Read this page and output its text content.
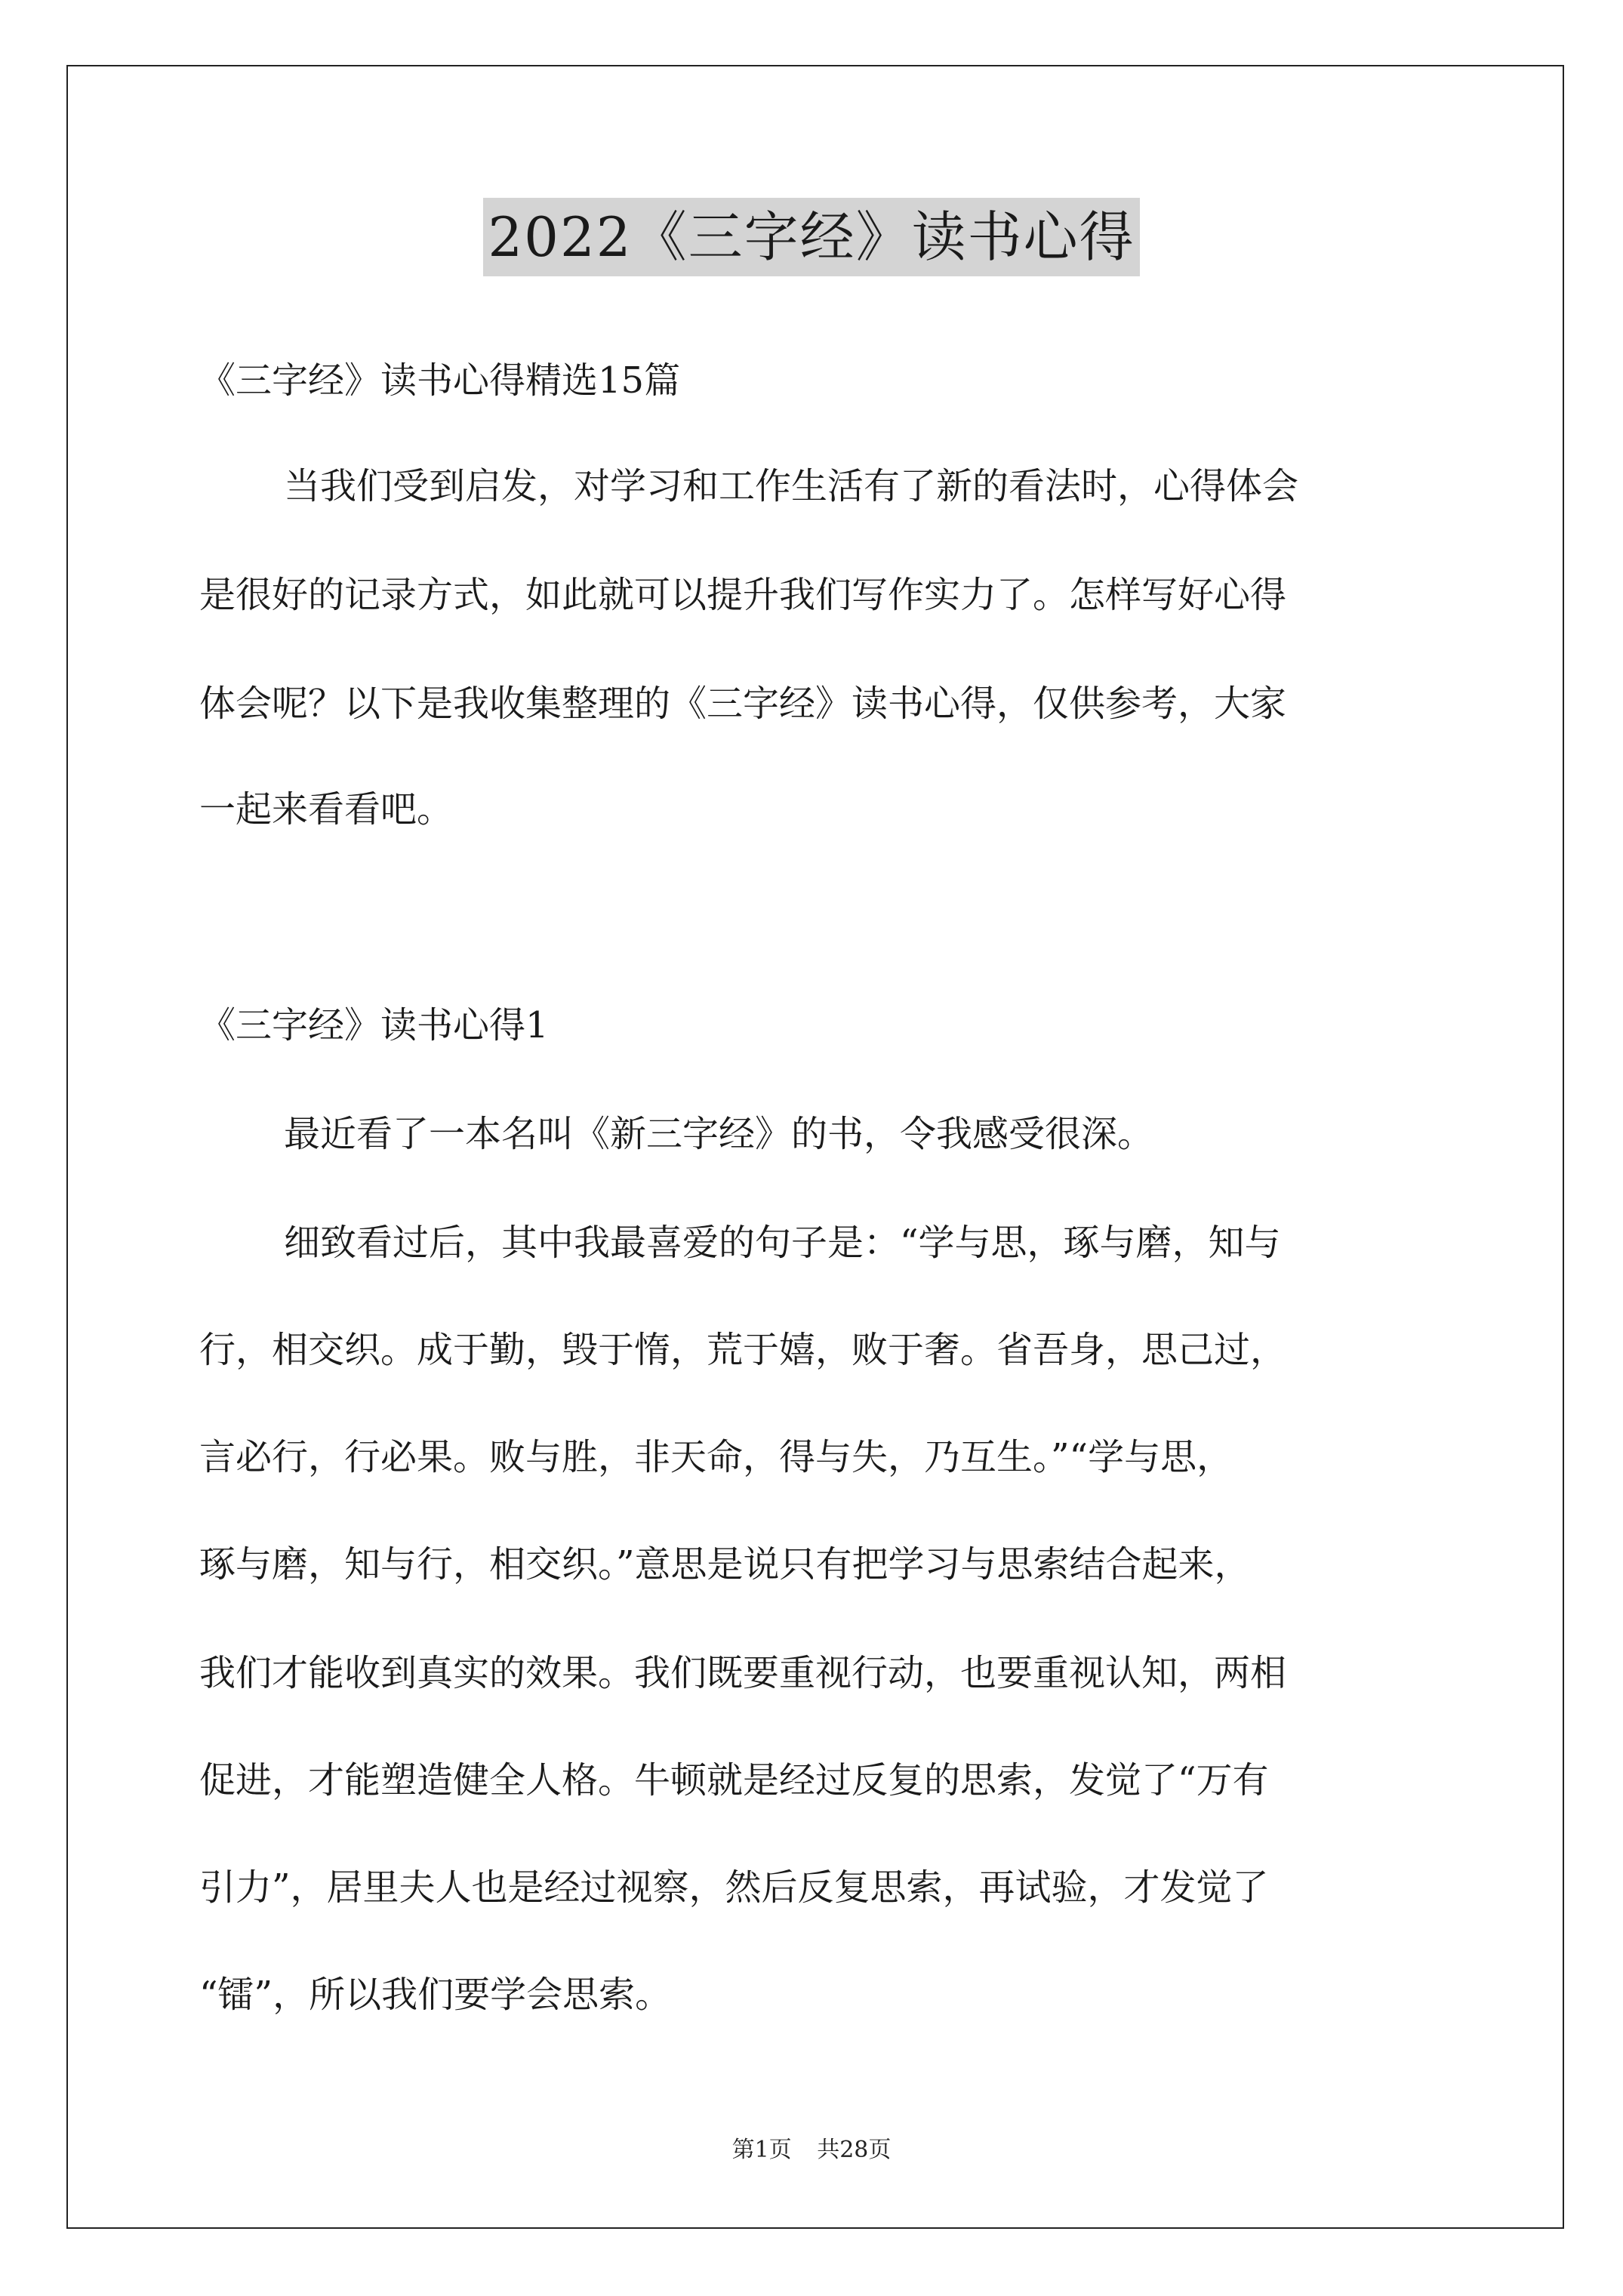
2022《三字经》读书心得
《三字经》读书心得精选15篇
当我们受到启发，对学习和工作生活有了新的看法时，心得体会
是很好的记录方式，如此就可以提升我们写作实力了。怎样写好心得
体会呢？以下是我收集整理的《三字经》读书心得，仅供参考，大家
一起来看看吧。
《三字经》读书心得1
最近看了一本名叫《新三字经》的书，令我感受很深。
细致看过后，其中我最喜爱的句子是：“学与思，琢与磨，知与
行，相交织。成于勤，毁于惰，荒于嬉，败于奢。省吾身，思己过，
言必行，行必果。败与胜，非天命，得与失，乃互生。”“学与思，
琢与磨，知与行，相交织。”意思是说只有把学习与思索结合起来，
我们才能收到真实的效果。我们既要重视行动，也要重视认知，两相
促进，才能塑造健全人格。牛顿就是经过反复的思索，发觉了“万有
引力”，居里夫人也是经过视察，然后反复思索，再试验，才发觉了
“镭”，所以我们要学会思索。
第1页 共28页
